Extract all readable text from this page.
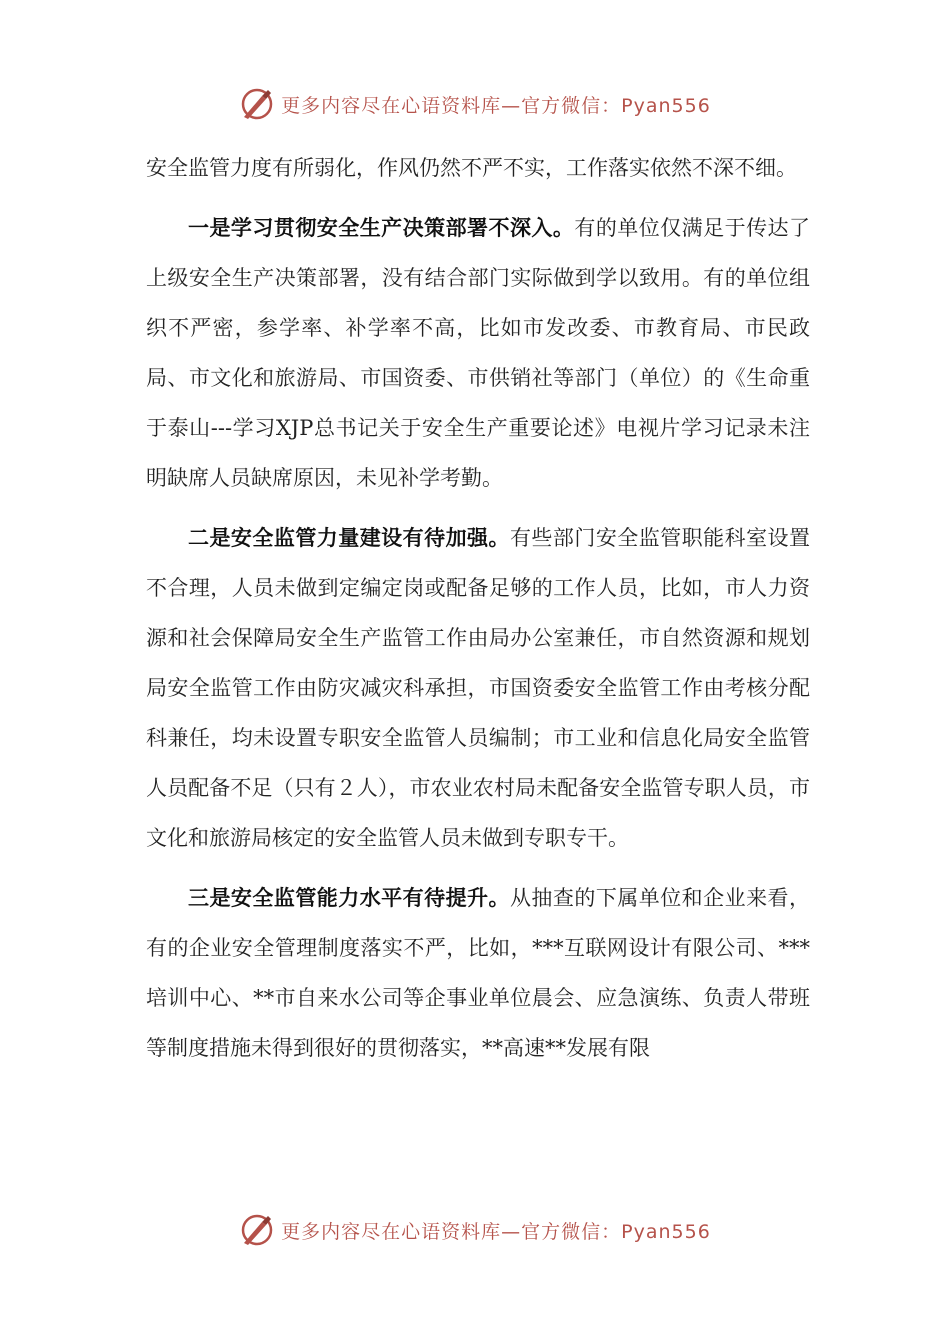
更多内容尽在心语资料库—官方微信：Pyan556

安全监管力度有所弱化，作风仍然不严不实，工作落实依然不深不细。

一是学习贯彻安全生产决策部署不深入。有的单位仅满足于传达了上级安全生产决策部署，没有结合部门实际做到学以致用。有的单位组织不严密，参学率、补学率不高，比如市发改委、市教育局、市民政局、市文化和旅游局、市国资委、市供销社等部门（单位）的《生命重于泰山---学习XJP总书记关于安全生产重要论述》电视片学习记录未注明缺席人员缺席原因，未见补学考勤。

二是安全监管力量建设有待加强。有些部门安全监管职能科室设置不合理，人员未做到定编定岗或配备足够的工作人员，比如，市人力资源和社会保障局安全生产监管工作由局办公室兼任，市自然资源和规划局安全监管工作由防灾减灾科承担，市国资委安全监管工作由考核分配科兼任，均未设置专职安全监管人员编制；市工业和信息化局安全监管人员配备不足（只有２人），市农业农村局未配备安全监管专职人员，市文化和旅游局核定的安全监管人员未做到专职专干。

三是安全监管能力水平有待提升。从抽查的下属单位和企业来看，有的企业安全管理制度落实不严，比如，***互联网设计有限公司、***培训中心、**市自来水公司等企事业单位晨会、应急演练、负责人带班等制度措施未得到很好的贯彻落实，**高速**发展有限

更多内容尽在心语资料库—官方微信：Pyan556
